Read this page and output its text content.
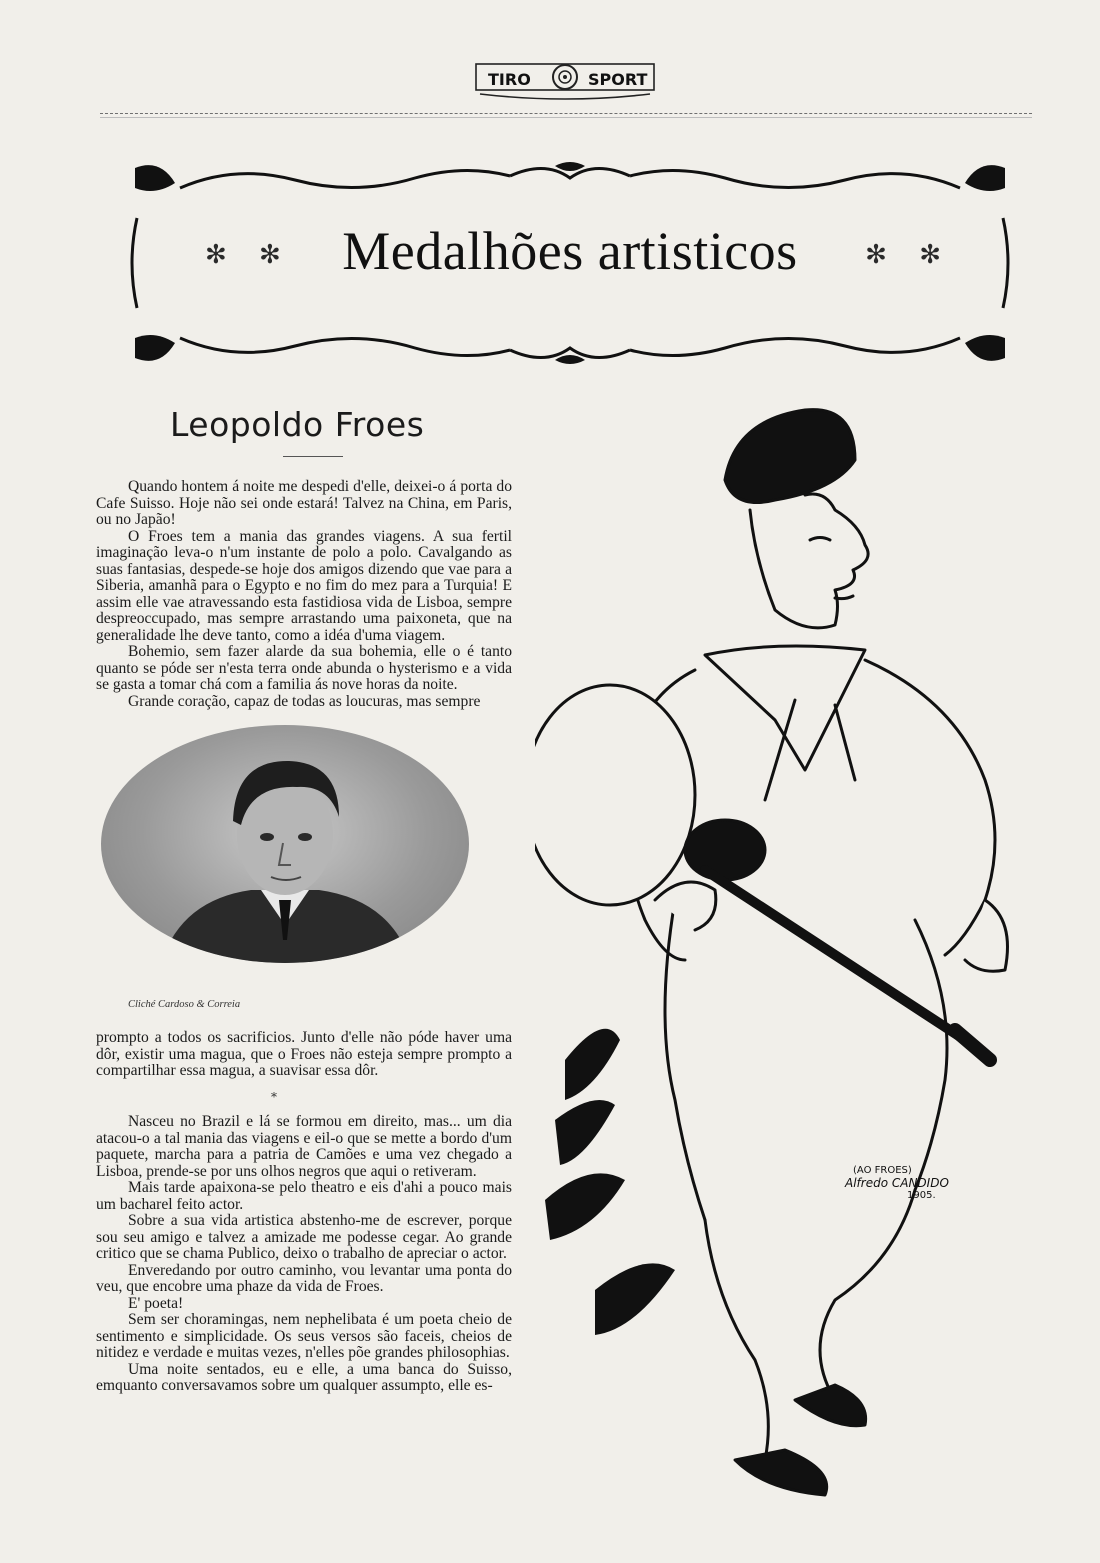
TIRO	SPORT
✻ ✻ Medalhões artisticos	✻ ✻
Leopoldo Froes

Quando hontem á noite me despedi d'elle, deixei-o á porta do Cafe Suisso. Hoje não sei onde estará! Talvez na China, em Paris, ou no Japão!

O Froes tem a mania das grandes viagens. A sua fertil imaginação leva-o n'um instante de polo a polo. Cavalgando as suas fantasias, despede-se hoje dos amigos dizendo que vae para a Siberia, amanhã para o Egypto e no fim do mez para a Turquia! E assim elle vae atravessando esta fastidiosa vida de Lisboa, sempre despreoccupado, mas sempre arrastando uma paixoneta, que na generalidade lhe deve tanto, como a idéa d'uma viagem.

Bohemio, sem fazer alarde da sua bohemia, elle o é tanto quanto se póde ser n'esta terra onde abunda o hysterismo e a vida se gasta a tomar chá com a familia ás nove horas da noite.

Grande coração, capaz de todas as loucuras, mas sempre

Cliché Cardoso & Correia

prompto a todos os sacrificios. Junto d'elle não póde haver uma dôr, existir uma magua, que o Froes não esteja sempre prompto a compartilhar essa magua, a suavisar essa dôr.

*

Nasceu no Brazil e lá se formou em direito, mas... um dia atacou-o a tal mania das viagens e eil-o que se mette a bordo d'um paquete, marcha para a patria de Camões e uma vez chegado a Lisboa, prende-se por uns olhos negros que aqui o retiveram.

Mais tarde apaixona-se pelo theatro e eis d'ahi a pouco mais um bacharel feito actor.

Sobre a sua vida artistica abstenho-me de escrever, porque sou seu amigo e talvez a amizade me podesse cegar. Ao grande critico que se chama Publico, deixo o trabalho de apreciar o actor.

Enveredando por outro caminho, vou levantar uma ponta do veu, que encobre uma phaze da vida de Froes.

E' poeta!

Sem ser choramingas, nem nephelibata é um poeta cheio de sentimento e simplicidade. Os seus versos são faceis, cheios de nitidez e verdade e muitas vezes, n'elles põe grandes philosophias.

Uma noite sentados, eu e elle, a uma banca do Suisso, emquanto conversavamos sobre um qualquer assumpto, elle es-

(AO FROES)
Alfredo CANDIDO
1905.
